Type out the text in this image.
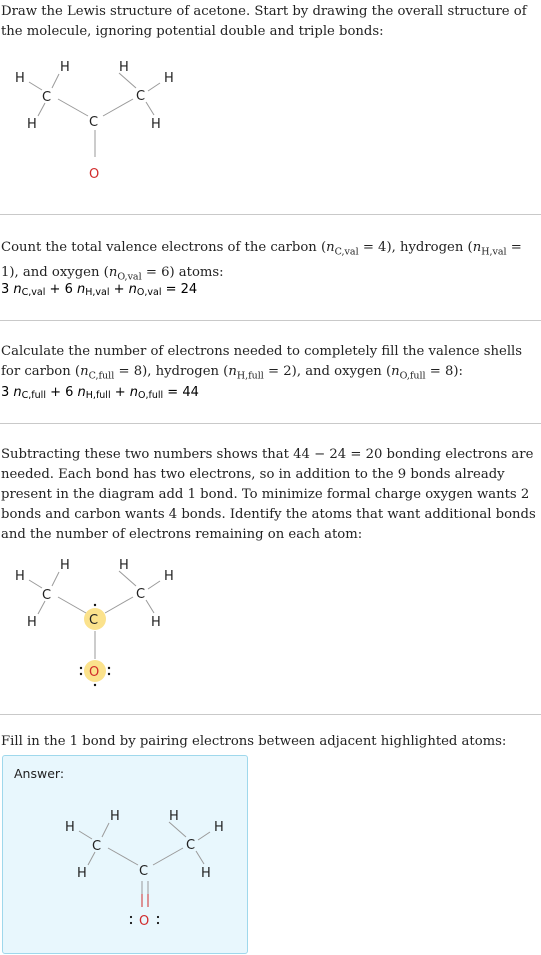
Draw the Lewis structure of acetone. Start by drawing the overall structure of the molecule, ignoring potential double and triple bonds:
H
H
C
H	C
H
C
H
H
O
Count the total valence electrons of the carbon $(n_{C,val} = 4)$, hydrogen $(n_{H,val} = 1)$, and oxygen $(n_{O,val} = 6)$ atoms:
3 $n_{C,val} + 6$ $n_{H,val} + n_{O,val} = 24$
Calculate the number of electrons needed to completely fill the valence shells for carbon $(n_{C,full} = 8)$, hydrogen $(n_{H,full} = 2)$, and oxygen $(n_{O,full} = 8)$:
3 $n_{C,full} + 6$ $n_{H,full} + n_{O,full} = 44$
Subtracting these two numbers shows that 44 − 24 = 20 bonding electrons are needed. Each bond has two electrons, so in addition to the 9 bonds already present in the diagram add 1 bond. To minimize formal charge oxygen wants 2 bonds and carbon wants 4 bonds. Identify the atoms that want additional bonds and the number of electrons remaining on each atom:
H
H
C
H	C
H
C
H
H
O
Fill in the 1 bond by pairing electrons between adjacent highlighted atoms:
Answer:
H
H
C
H	C
H
C
H
H
O
